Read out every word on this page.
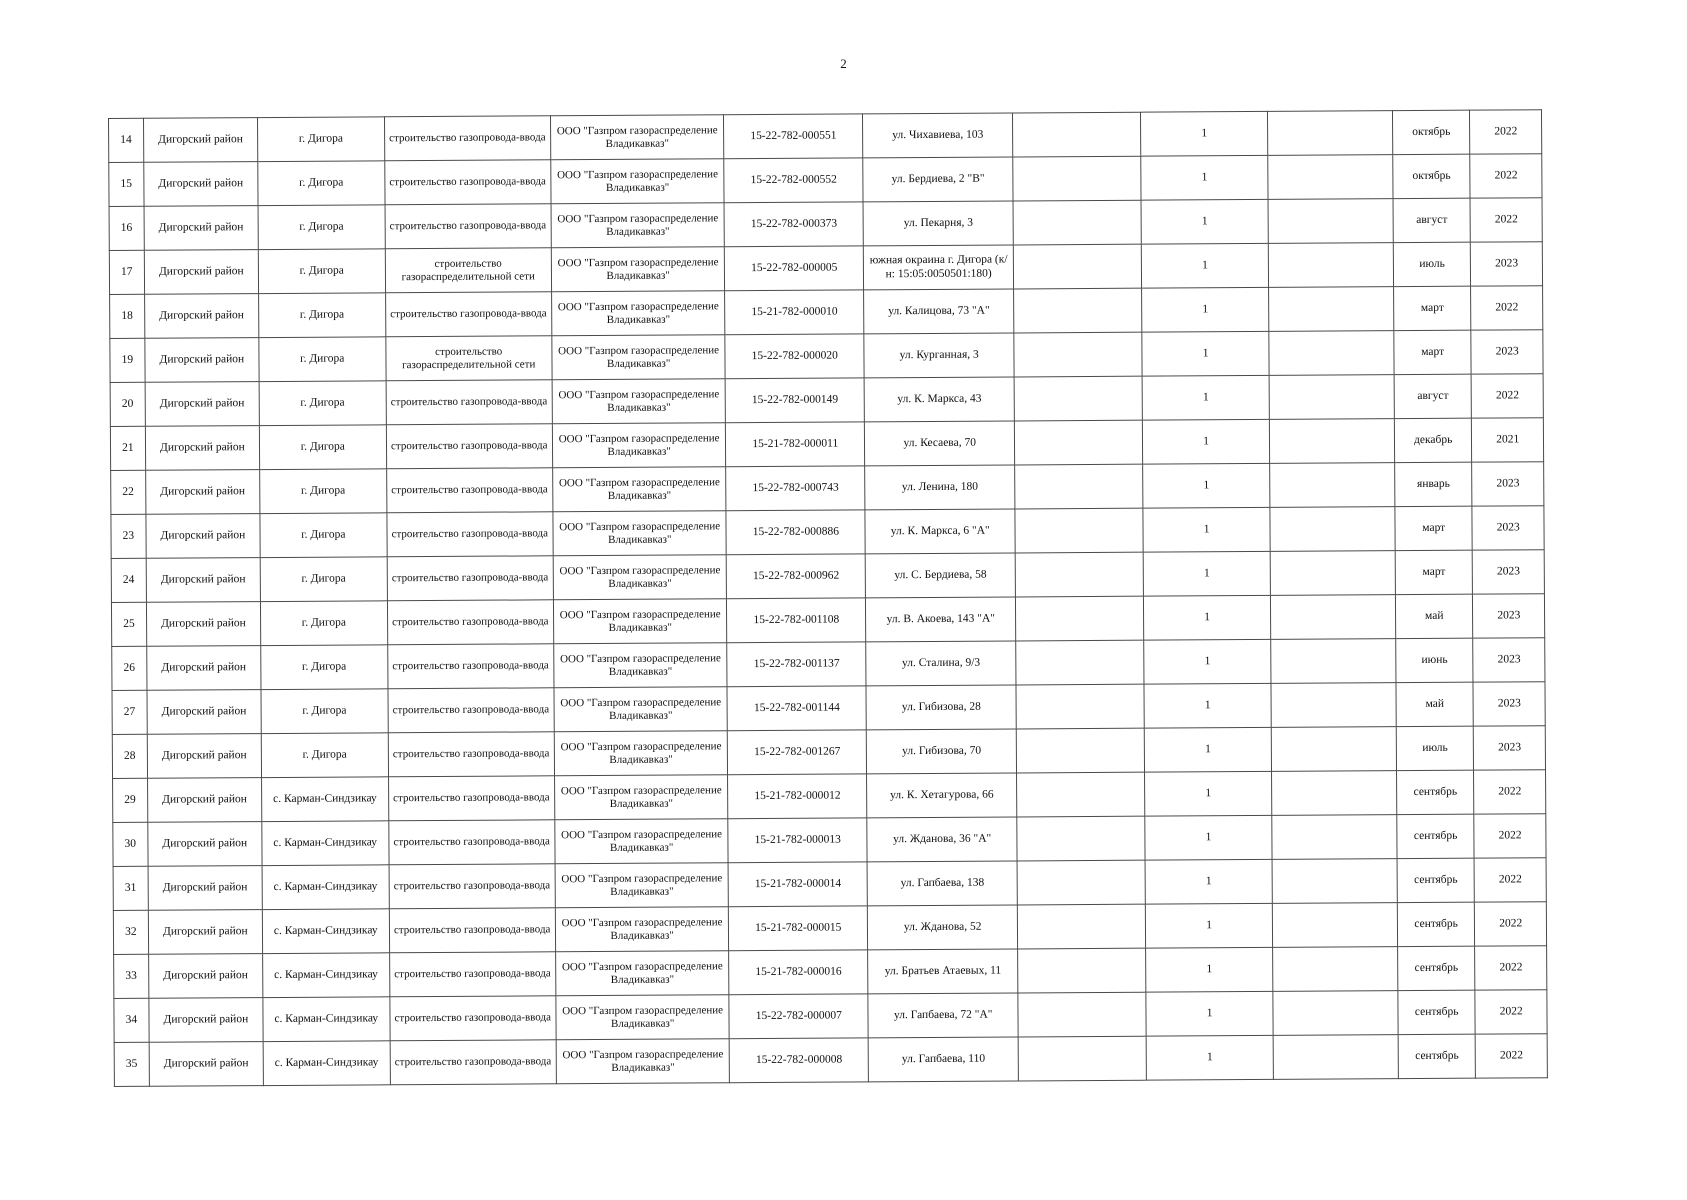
2
14	Дигорский район	г. Дигора	строительство газопровода-ввода	ООО "Газпром газораспределение Владикавказ"	15-22-782-000551	ул. Чихавиева, 103		1		октябрь	2022
15	Дигорский район	г. Дигора	строительство газопровода-ввода	ООО "Газпром газораспределение Владикавказ"	15-22-782-000552	ул. Бердиева, 2 "В"		1		октябрь	2022
16	Дигорский район	г. Дигора	строительство газопровода-ввода	ООО "Газпром газораспределение Владикавказ"	15-22-782-000373	ул. Пекарня, 3		1		август	2022
17	Дигорский район	г. Дигора	строительство газораспределительной сети	ООО "Газпром газораспределение Владикавказ"	15-22-782-000005	южная окраина г. Дигора (к/н: 15:05:0050501:180)		1		июль	2023
18	Дигорский район	г. Дигора	строительство газопровода-ввода	ООО "Газпром газораспределение Владикавказ"	15-21-782-000010	ул. Калицова, 73 "А"		1		март	2022
19	Дигорский район	г. Дигора	строительство газораспределительной сети	ООО "Газпром газораспределение Владикавказ"	15-22-782-000020	ул. Курганная, 3		1		март	2023
20	Дигорский район	г. Дигора	строительство газопровода-ввода	ООО "Газпром газораспределение Владикавказ"	15-22-782-000149	ул. К. Маркса, 43		1		август	2022
21	Дигорский район	г. Дигора	строительство газопровода-ввода	ООО "Газпром газораспределение Владикавказ"	15-21-782-000011	ул. Кесаева, 70		1		декабрь	2021
22	Дигорский район	г. Дигора	строительство газопровода-ввода	ООО "Газпром газораспределение Владикавказ"	15-22-782-000743	ул. Ленина, 180		1		январь	2023
23	Дигорский район	г. Дигора	строительство газопровода-ввода	ООО "Газпром газораспределение Владикавказ"	15-22-782-000886	ул. К. Маркса, 6 "А"		1		март	2023
24	Дигорский район	г. Дигора	строительство газопровода-ввода	ООО "Газпром газораспределение Владикавказ"	15-22-782-000962	ул. С. Бердиева, 58		1		март	2023
25	Дигорский район	г. Дигора	строительство газопровода-ввода	ООО "Газпром газораспределение Владикавказ"	15-22-782-001108	ул. В. Акоева, 143 "А"		1		май	2023
26	Дигорский район	г. Дигора	строительство газопровода-ввода	ООО "Газпром газораспределение Владикавказ"	15-22-782-001137	ул. Сталина, 9/3		1		июнь	2023
27	Дигорский район	г. Дигора	строительство газопровода-ввода	ООО "Газпром газораспределение Владикавказ"	15-22-782-001144	ул. Гибизова, 28		1		май	2023
28	Дигорский район	г. Дигора	строительство газопровода-ввода	ООО "Газпром газораспределение Владикавказ"	15-22-782-001267	ул. Гибизова, 70		1		июль	2023
29	Дигорский район	с. Карман-Синдзикау	строительство газопровода-ввода	ООО "Газпром газораспределение Владикавказ"	15-21-782-000012	ул. К. Хетагурова, 66		1		сентябрь	2022
30	Дигорский район	с. Карман-Синдзикау	строительство газопровода-ввода	ООО "Газпром газораспределение Владикавказ"	15-21-782-000013	ул. Жданова, 36 "А"		1		сентябрь	2022
31	Дигорский район	с. Карман-Синдзикау	строительство газопровода-ввода	ООО "Газпром газораспределение Владикавказ"	15-21-782-000014	ул. Гапбаева, 138		1		сентябрь	2022
32	Дигорский район	с. Карман-Синдзикау	строительство газопровода-ввода	ООО "Газпром газораспределение Владикавказ"	15-21-782-000015	ул. Жданова, 52		1		сентябрь	2022
33	Дигорский район	с. Карман-Синдзикау	строительство газопровода-ввода	ООО "Газпром газораспределение Владикавказ"	15-21-782-000016	ул. Братьев Атаевых, 11		1		сентябрь	2022
34	Дигорский район	с. Карман-Синдзикау	строительство газопровода-ввода	ООО "Газпром газораспределение Владикавказ"	15-22-782-000007	ул. Гапбаева, 72 "А"		1		сентябрь	2022
35	Дигорский район	с. Карман-Синдзикау	строительство газопровода-ввода	ООО "Газпром газораспределение Владикавказ"	15-22-782-000008	ул. Гапбаева, 110		1		сентябрь	2022
